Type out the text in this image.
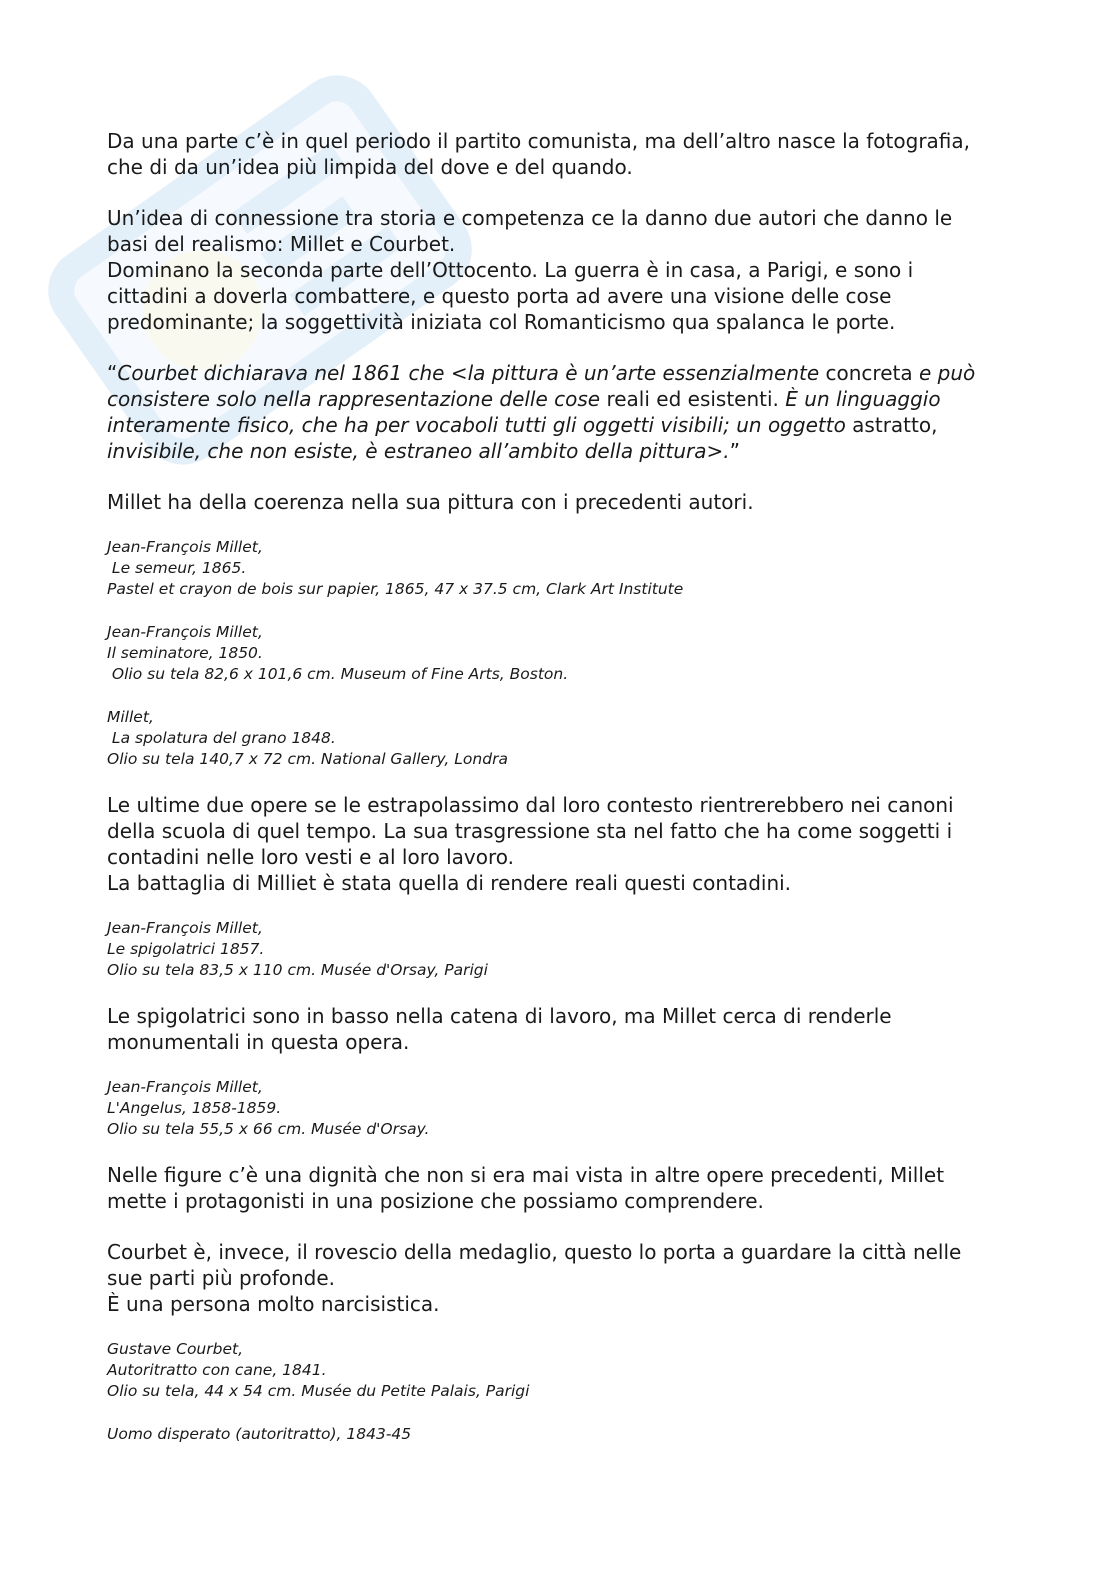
Da una parte c’è in quel periodo il partito comunista, ma dell’altro nasce la fotografia,
che di da un’idea più limpida del dove e del quando.

Un’idea di connessione tra storia e competenza ce la danno due autori che danno le
basi del realismo: Millet e Courbet.
Dominano la seconda parte dell’Ottocento. La guerra è in casa, a Parigi, e sono i
cittadini a doverla combattere, e questo porta ad avere una visione delle cose
predominante; la soggettività iniziata col Romanticismo qua spalanca le porte.

“Courbet dichiarava nel 1861 che <la pittura è un’arte essenzialmente concreta e può
consistere solo nella rappresentazione delle cose reali ed esistenti. È un linguaggio
interamente fisico, che ha per vocaboli tutti gli oggetti visibili; un oggetto astratto,
invisibile, che non esiste, è estraneo all’ambito della pittura>.”

Millet ha della coerenza nella sua pittura con i precedenti autori.

Jean-François Millet,
Le semeur, 1865.
Pastel et crayon de bois sur papier, 1865, 47 x 37.5 cm, Clark Art Institute

Jean-François Millet,
Il seminatore, 1850.
Olio su tela 82,6 x 101,6 cm. Museum of Fine Arts, Boston.

Millet,
La spolatura del grano 1848.
Olio su tela 140,7 x 72 cm. National Gallery, Londra

Le ultime due opere se le estrapolassimo dal loro contesto rientrerebbero nei canoni
della scuola di quel tempo. La sua trasgressione sta nel fatto che ha come soggetti i
contadini nelle loro vesti e al loro lavoro.
La battaglia di Milliet è stata quella di rendere reali questi contadini.

Jean-François Millet,
Le spigolatrici 1857.
Olio su tela 83,5 x 110 cm. Musée d'Orsay, Parigi

Le spigolatrici sono in basso nella catena di lavoro, ma Millet cerca di renderle
monumentali in questa opera.

Jean-François Millet,
L'Angelus, 1858-1859.
Olio su tela 55,5 x 66 cm. Musée d'Orsay.

Nelle figure c’è una dignità che non si era mai vista in altre opere precedenti, Millet
mette i protagonisti in una posizione che possiamo comprendere.

Courbet è, invece, il rovescio della medaglio, questo lo porta a guardare la città nelle
sue parti più profonde.
È una persona molto narcisistica.

Gustave Courbet,
Autoritratto con cane, 1841.
Olio su tela, 44 x 54 cm. Musée du Petite Palais, Parigi

Uomo disperato (autoritratto), 1843-45
